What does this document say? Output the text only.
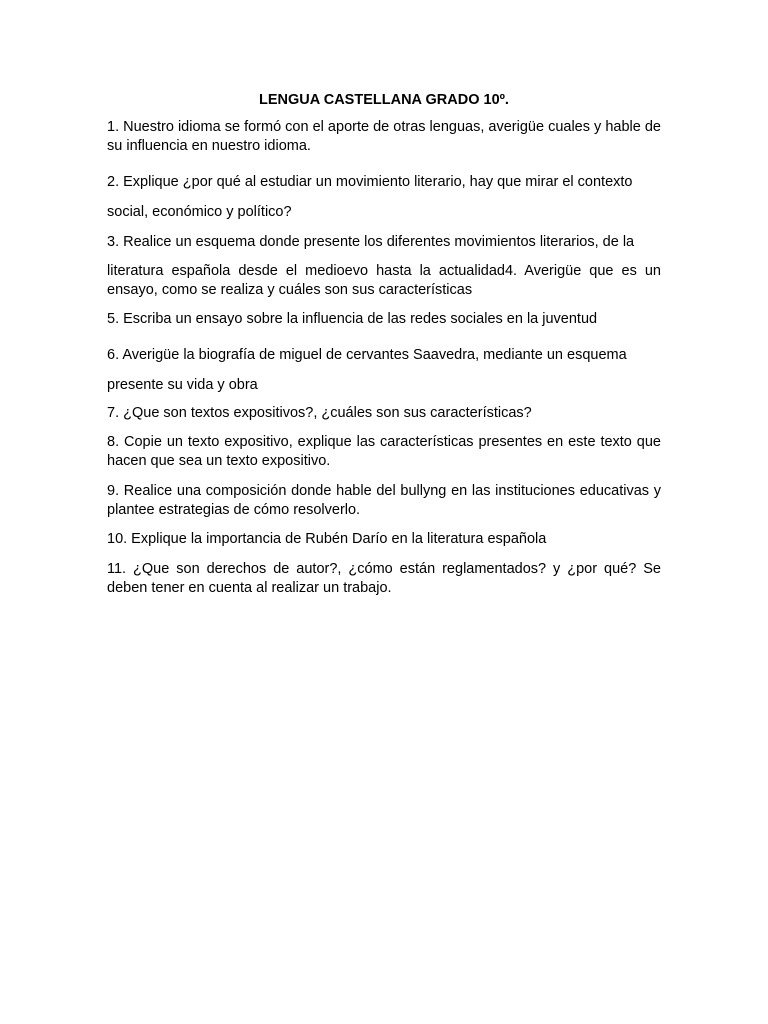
LENGUA CASTELLANA GRADO 10º.

1. Nuestro idioma se formó con el aporte de otras lenguas, averigüe cuales y hable de su influencia en nuestro idioma.

2. Explique ¿por qué al estudiar un movimiento literario, hay que mirar el contexto

social, económico y político?

3. Realice un esquema donde presente los diferentes movimientos literarios, de la

literatura española desde el medioevo hasta la actualidad4. Averigüe que es un ensayo, como se realiza y cuáles son sus características

5. Escriba un ensayo sobre la influencia de las redes sociales en la juventud

6. Averigüe la biografía de miguel de cervantes Saavedra, mediante un esquema

presente su vida y obra

7. ¿Que son textos expositivos?, ¿cuáles son sus características?

8. Copie un texto expositivo, explique las características presentes en este texto que hacen que sea un texto expositivo.

9. Realice una composición donde hable del bullyng en las instituciones educativas y plantee estrategias de cómo resolverlo.

10. Explique la importancia de Rubén Darío en la literatura española

11. ¿Que son derechos de autor?, ¿cómo están reglamentados? y ¿por qué? Se deben tener en cuenta al realizar un trabajo.
